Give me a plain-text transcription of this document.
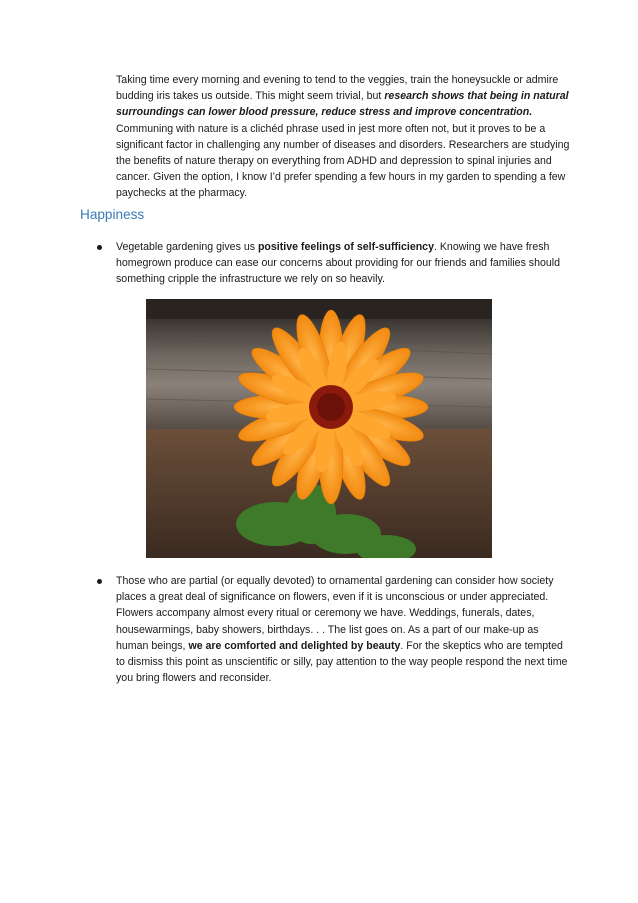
Taking time every morning and evening to tend to the veggies, train the honeysuckle or admire budding iris takes us outside. This might seem trivial, but research shows that being in natural surroundings can lower blood pressure, reduce stress and improve concentration. Communing with nature is a clichéd phrase used in jest more often not, but it proves to be a significant factor in challenging any number of diseases and disorders. Researchers are studying the benefits of nature therapy on everything from ADHD and depression to spinal injuries and cancer. Given the option, I know I’d prefer spending a few hours in my garden to spending a few paychecks at the pharmacy.

Happiness
Vegetable gardening gives us positive feelings of self-sufficiency. Knowing we have fresh homegrown produce can ease our concerns about providing for our friends and families should something cripple the infrastructure we rely on so heavily.
Those who are partial (or equally devoted) to ornamental gardening can consider how society places a great deal of significance on flowers, even if it is unconscious or under appreciated. Flowers accompany almost every ritual or ceremony we have. Weddings, funerals, dates, housewarmings, baby showers, birthdays. . . The list goes on. As a part of our make-up as human beings, we are comforted and delighted by beauty. For the skeptics who are tempted to dismiss this point as unscientific or silly, pay attention to the way people respond the next time you bring flowers and reconsider.
